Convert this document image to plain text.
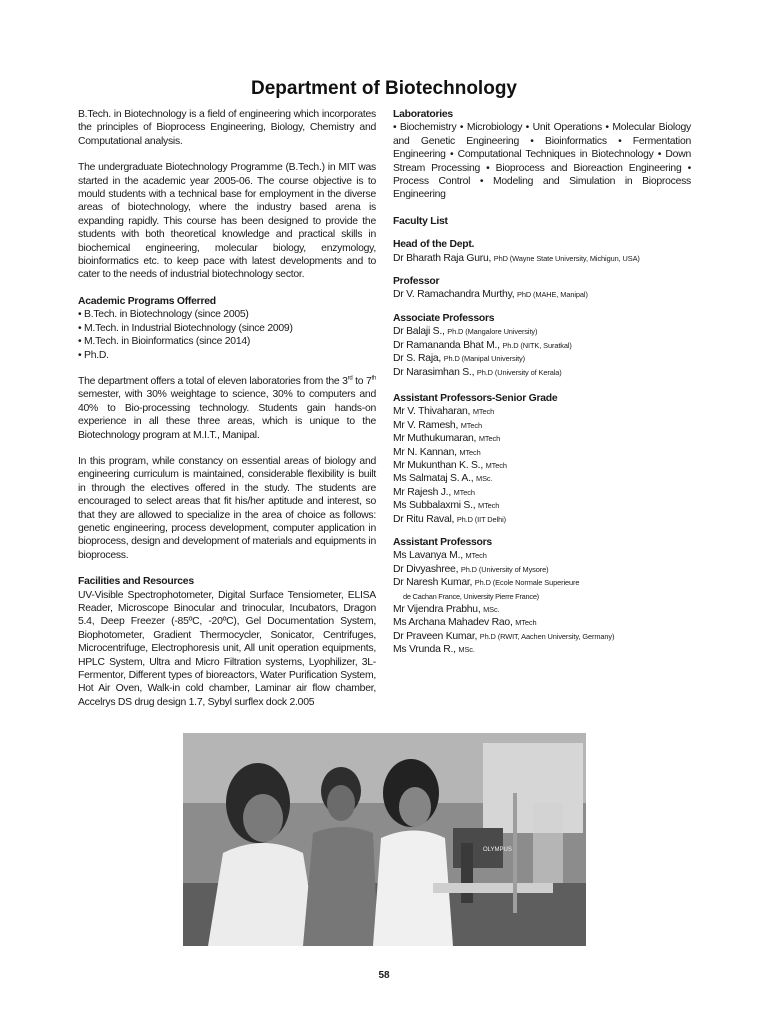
Department of Biotechnology

B.Tech. in Biotechnology is a field of engineering which incorporates the principles of Bioprocess Engineering, Biology, Chemistry and Computational analysis.

The undergraduate Biotechnology Programme (B.Tech.) in MIT was started in the academic year 2005-06. The course objective is to mould students with a technical base for employment in the diverse areas of biotechnology, where the industry based arena is expanding rapidly. This course has been designed to provide the students with both theoretical knowledge and practical skills in biochemical engineering, molecular biology, enzymology, bioinformatics etc. to keep pace with latest developments and to cater to the needs of industrial biotechnology sector.

Academic Programs Offerred

• B.Tech. in Biotechnology (since 2005)
• M.Tech. in Industrial Biotechnology (since 2009)
• M.Tech. in Bioinformatics (since 2014)
• Ph.D.

The department offers a total of eleven laboratories from the 3rd to 7th semester, with 30% weightage to science, 30% to computers and 40% to Bio-processing technology. Students gain hands-on experience in all these three areas, which is unique to the Biotechnology program at M.I.T., Manipal.

In this program, while constancy on essential areas of biology and engineering curriculum is maintained, considerable flexibility is built in through the electives offered in the study. The students are encouraged to select areas that fit his/her aptitude and interest, so that they are allowed to specialize in the area of choice as follows: genetic engineering, process development, computer application in bioprocess, design and development of materials and equipments in bioprocess.

Facilities and Resources

UV-Visible Spectrophotometer, Digital Surface Tensiometer, ELISA Reader, Microscope Binocular and trinocular, Incubators, Dragon 5.4, Deep Freezer (-85ºC, -20ºC), Gel Documentation System, Biophotometer, Gradient Thermocycler, Sonicator, Centrifuges, Microcentrifuge, Electrophoresis unit, All unit operation equipments, HPLC System, Ultra and Micro Filtration systems, Lyophilizer, 3L-Fermentor, Different types of bioreactors, Water Purification System, Hot Air Oven, Walk-in cold chamber, Laminar air flow chamber, Accelrys DS drug design 1.7, Sybyl surflex dock 2.005

Laboratories

• Biochemistry • Microbiology • Unit Operations • Molecular Biology and Genetic Engineering • Bioinformatics • Fermentation Engineering • Computational Techniques in Biotechnology • Down Stream Processing • Bioprocess and Bioreaction Engineering • Process Control • Modeling and Simulation in Bioprocess Engineering

Faculty List

Head of the Dept.

Dr Bharath Raja Guru, PhD (Wayne State University, Michigun, USA)

Professor

Dr V. Ramachandra Murthy, PhD (MAHE, Manipal)

Associate Professors

Dr Balaji S., Ph.D (Mangalore University)

Dr Ramananda Bhat M., Ph.D (NITK, Suratkal)

Dr S. Raja, Ph.D (Manipal University)

Dr Narasimhan S., Ph.D (University of Kerala)

Assistant Professors-Senior Grade

Mr V. Thivaharan, MTech

Mr V. Ramesh, MTech

Mr Muthukumaran, MTech

Mr N. Kannan, MTech

Mr Mukunthan K. S., MTech

Ms Salmataj S. A., MSc.

Mr Rajesh J., MTech

Ms Subbalaxmi S., MTech

Dr Ritu Raval, Ph.D (IIT Delhi)

Assistant Professors

Ms Lavanya M., MTech

Dr Divyashree, Ph.D (University of Mysore)

Dr Naresh Kumar, Ph.D (Ecole Normale Superieure

de Cachan France, University Pierre France)

Mr Vijendra Prabhu, MSc.

Ms Archana Mahadev Rao, MTech

Dr Praveen Kumar, Ph.D (RWIT, Aachen University, Germany)

Ms Vrunda R., MSc.

OLYMPUS
58
